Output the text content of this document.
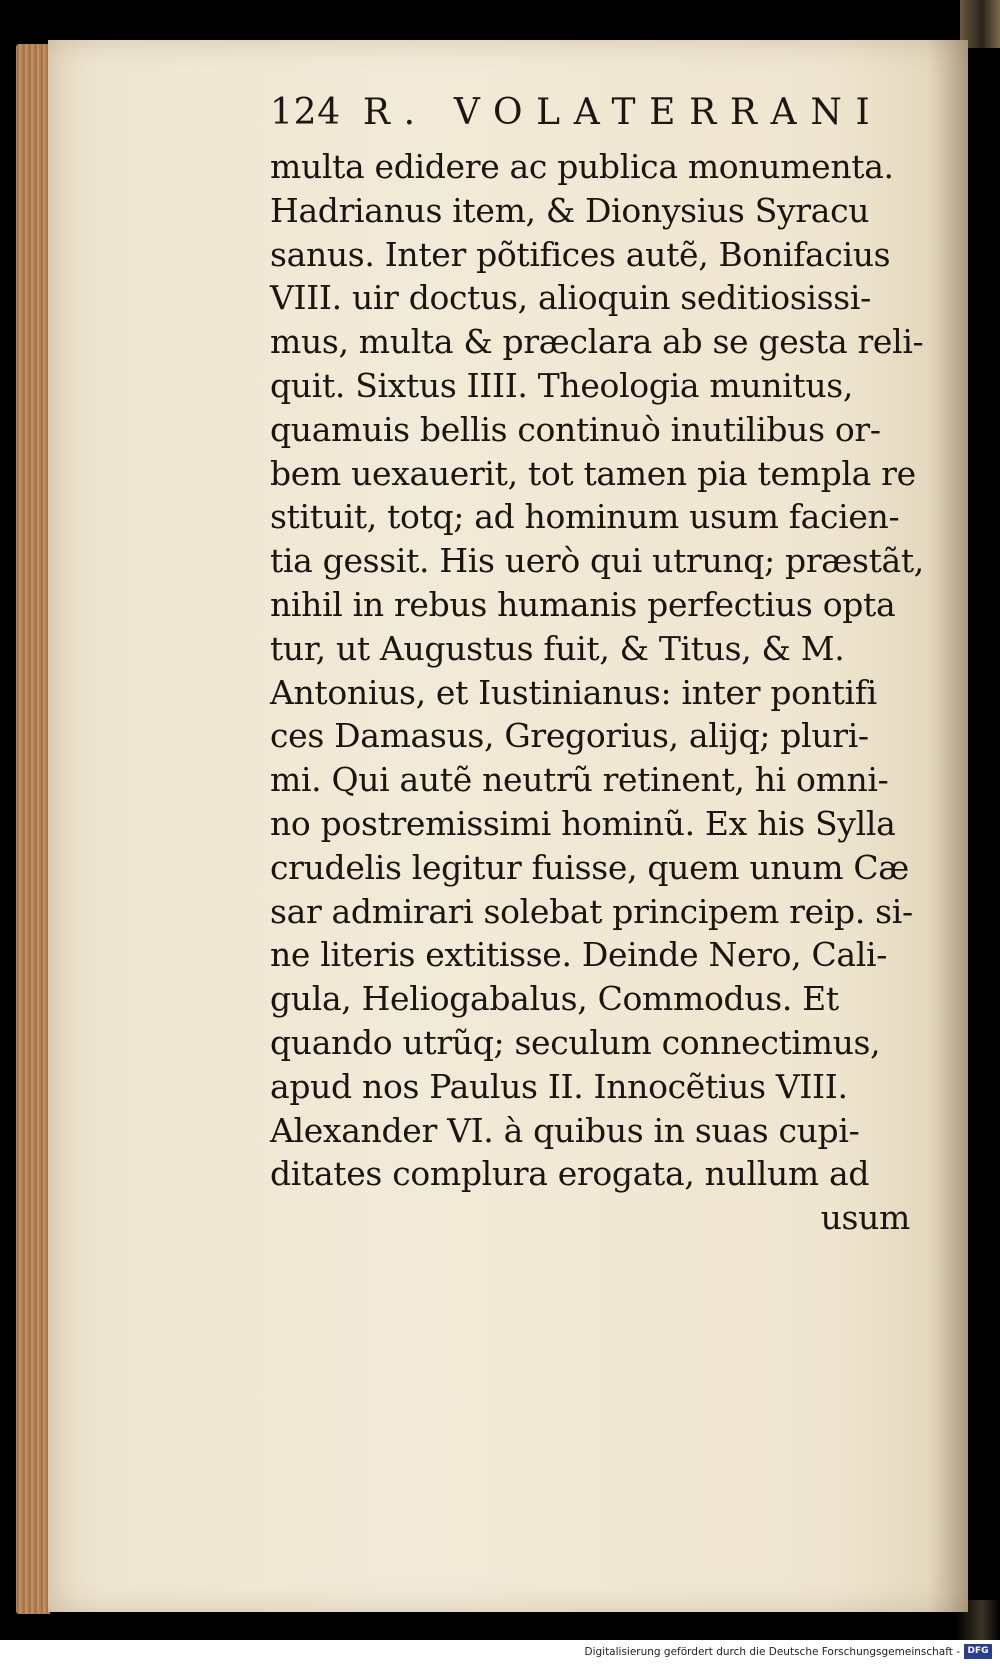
124 R. VOLATERRANI
multa edidere ac publica monumenta.
Hadrianus item, & Dionysius Syracu
sanus. Inter põtifices autẽ, Bonifacius
VIII. uir doctus, alioquin seditiosissi-
mus, multa & præclara ab se gesta reli-
quit. Sixtus IIII. Theologia munitus,
quamuis bellis continuò inutilibus or-
bem uexauerit, tot tamen pia templa re
stituit, totq; ad hominum usum facien-
tia gessit. His uerò qui utrunq; præstãt,
nihil in rebus humanis perfectius opta
tur, ut Augustus fuit, & Titus, & M.
Antonius, et Iustinianus: inter pontifi
ces Damasus, Gregorius, alijq; pluri-
mi. Qui autẽ neutrũ retinent, hi omni-
no postremissimi hominũ. Ex his Sylla
crudelis legitur fuisse, quem unum Cæ
sar admirari solebat principem reip. si-
ne literis extitisse. Deinde Nero, Cali-
gula, Heliogabalus, Commodus. Et
quando utrũq; seculum connectimus,
apud nos Paulus II. Innocẽtius VIII.
Alexander VI. à quibus in suas cupi-
ditates complura erogata, nullum ad
usum
Digitalisierung gefördert durch die Deutsche Forschungsgemeinschaft - DFG
